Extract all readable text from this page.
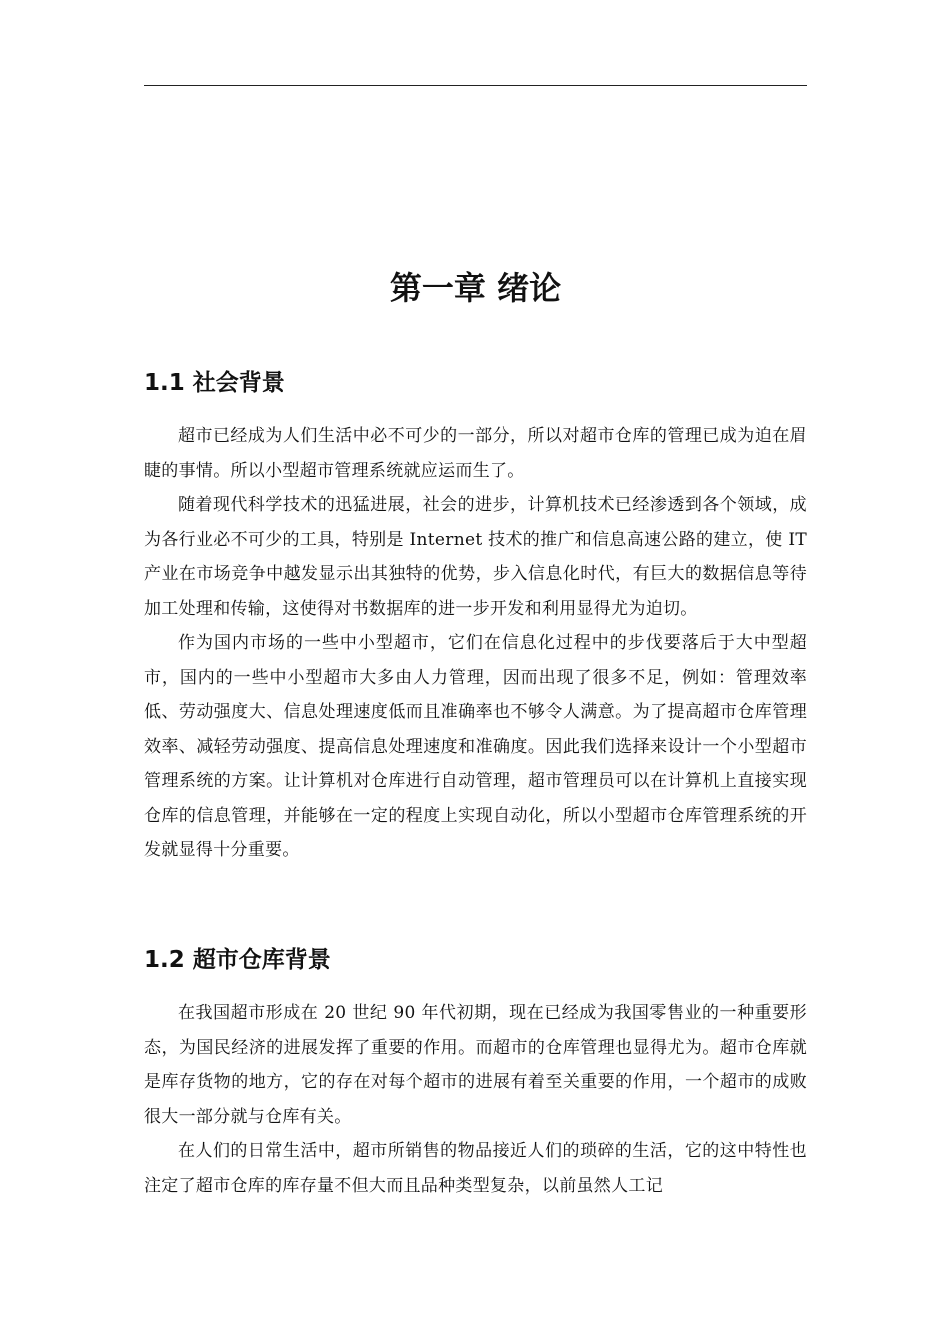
第一章 绪论
1.1 社会背景

超市已经成为人们生活中必不可少的一部分，所以对超市仓库的管理已成为迫在眉睫的事情。所以小型超市管理系统就应运而生了。

随着现代科学技术的迅猛进展，社会的进步，计算机技术已经渗透到各个领域，成为各行业必不可少的工具，特别是 Internet 技术的推广和信息高速公路的建立，使 IT 产业在市场竞争中越发显示出其独特的优势，步入信息化时代，有巨大的数据信息等待加工处理和传输，这使得对书数据库的进一步开发和利用显得尤为迫切。

作为国内市场的一些中小型超市，它们在信息化过程中的步伐要落后于大中型超市，国内的一些中小型超市大多由人力管理，因而出现了很多不足，例如：管理效率低、劳动强度大、信息处理速度低而且准确率也不够令人满意。为了提高超市仓库管理效率、减轻劳动强度、提高信息处理速度和准确度。因此我们选择来设计一个小型超市管理系统的方案。让计算机对仓库进行自动管理，超市管理员可以在计算机上直接实现仓库的信息管理，并能够在一定的程度上实现自动化，所以小型超市仓库管理系统的开发就显得十分重要。

1.2 超市仓库背景

在我国超市形成在 20 世纪 90 年代初期，现在已经成为我国零售业的一种重要形态，为国民经济的进展发挥了重要的作用。而超市的仓库管理也显得尤为。超市仓库就是库存货物的地方，它的存在对每个超市的进展有着至关重要的作用，一个超市的成败很大一部分就与仓库有关。

在人们的日常生活中，超市所销售的物品接近人们的琐碎的生活，它的这中特性也注定了超市仓库的库存量不但大而且品种类型复杂，以前虽然人工记
